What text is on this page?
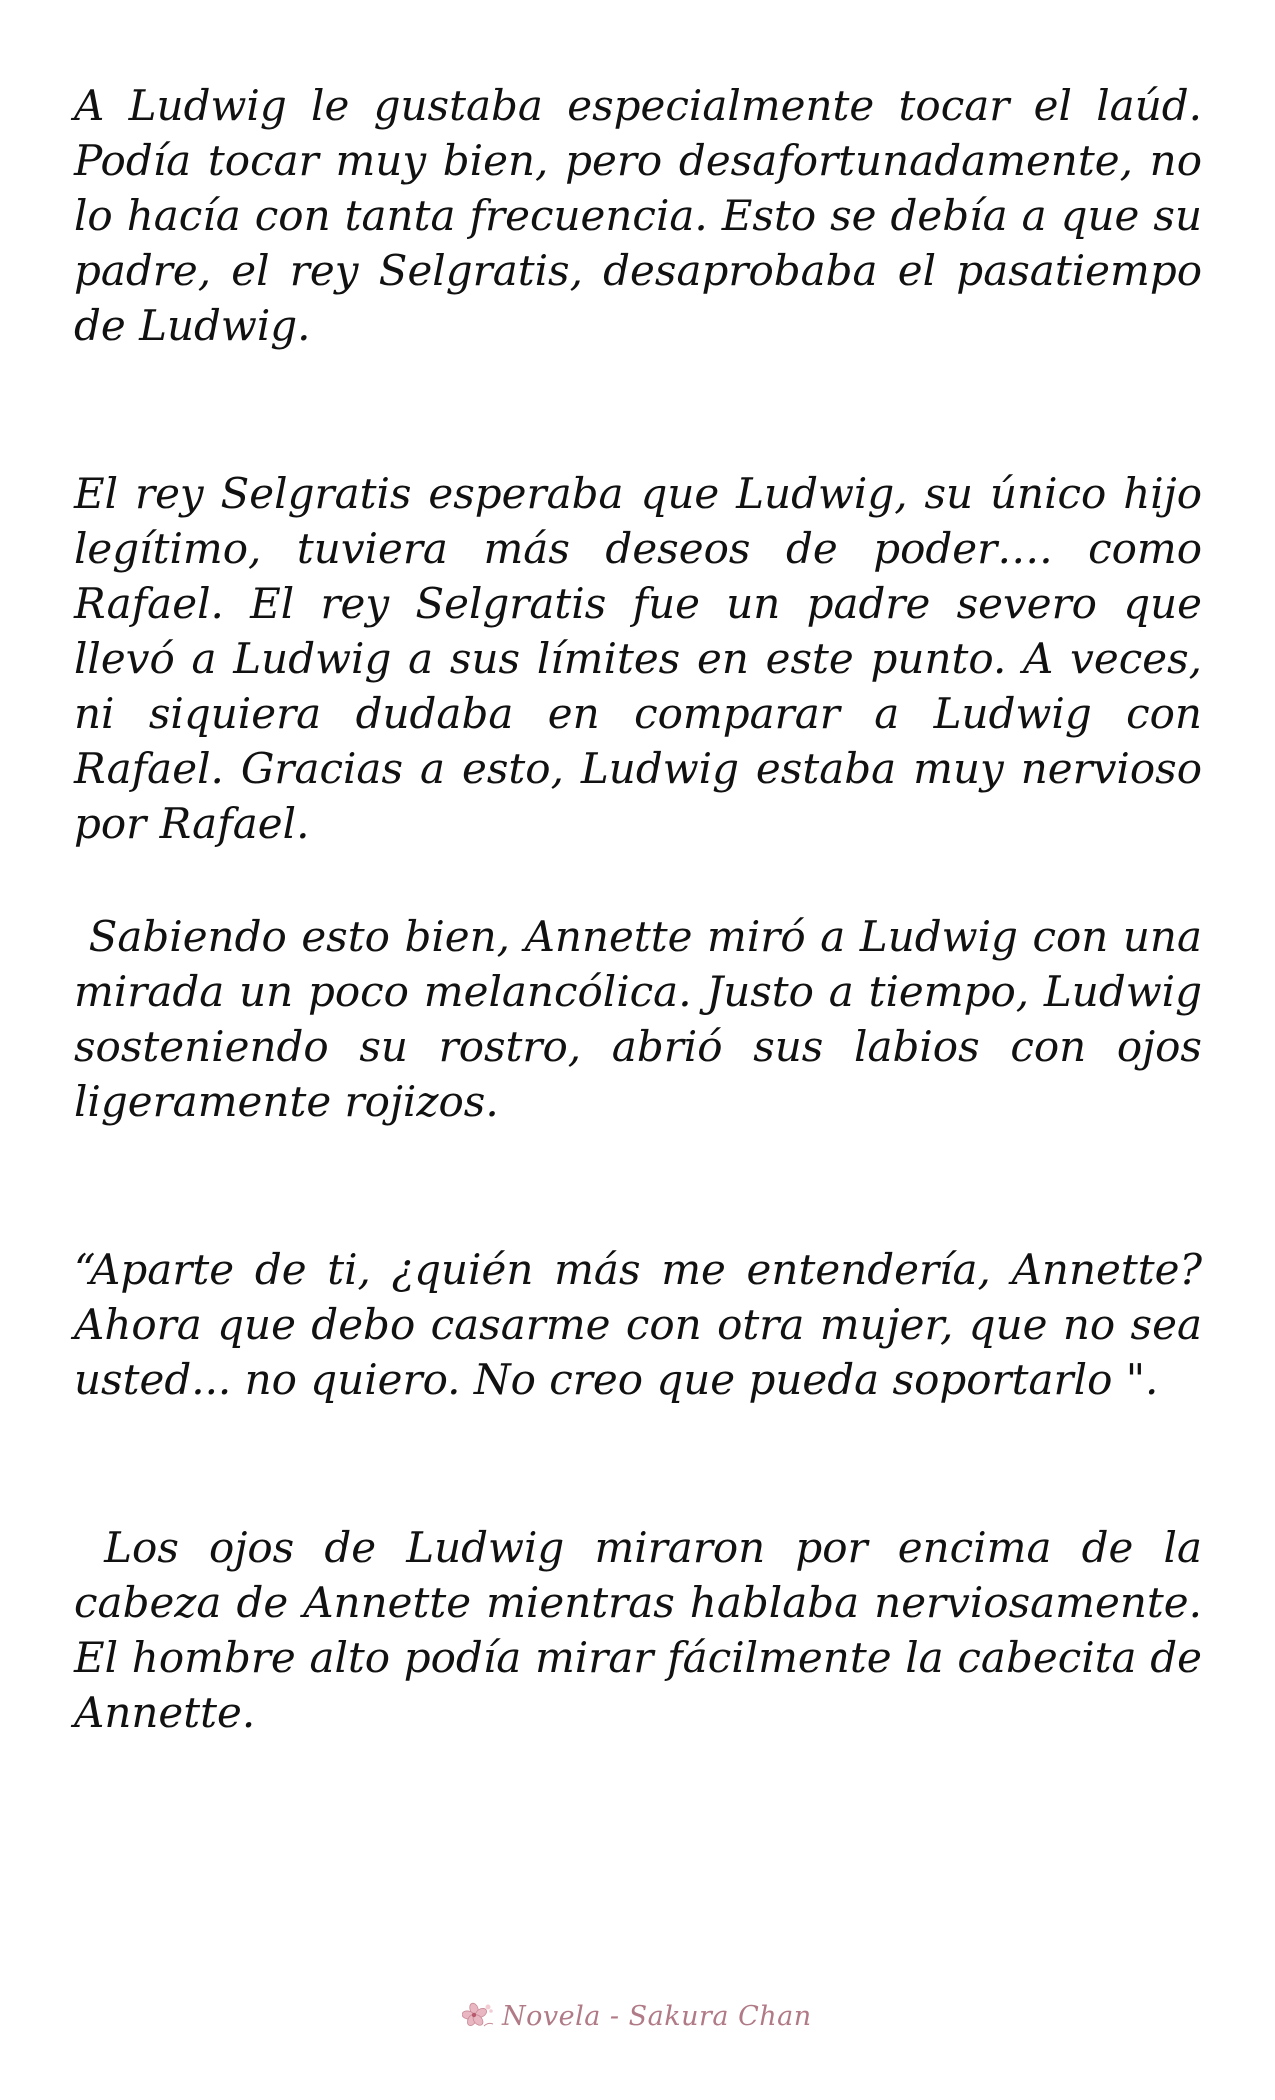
A Ludwig le gustaba especialmente tocar el laúd. Podía tocar muy bien, pero desafortunadamente, no lo hacía con tanta frecuencia. Esto se debía a que su padre, el rey Selgratis, desaprobaba el pasatiempo de Ludwig.

El rey Selgratis esperaba que Ludwig, su único hijo legítimo, tuviera más deseos de poder…. como Rafael. El rey Selgratis fue un padre severo que llevó a Ludwig a sus límites en este punto. A veces, ni siquiera dudaba en comparar a Ludwig con Rafael. Gracias a esto, Ludwig estaba muy nervioso por Rafael.

Sabiendo esto bien, Annette miró a Ludwig con una mirada un poco melancólica. Justo a tiempo, Ludwig sosteniendo su rostro, abrió sus labios con ojos ligeramente rojizos.

“Aparte de ti, ¿quién más me entendería, Annette? Ahora que debo casarme con otra mujer, que no sea usted... no quiero. No creo que pueda soportarlo ".

Los ojos de Ludwig miraron por encima de la cabeza de Annette mientras hablaba nerviosamente. El hombre alto podía mirar fácilmente la cabecita de Annette.

Novela - Sakura Chan
